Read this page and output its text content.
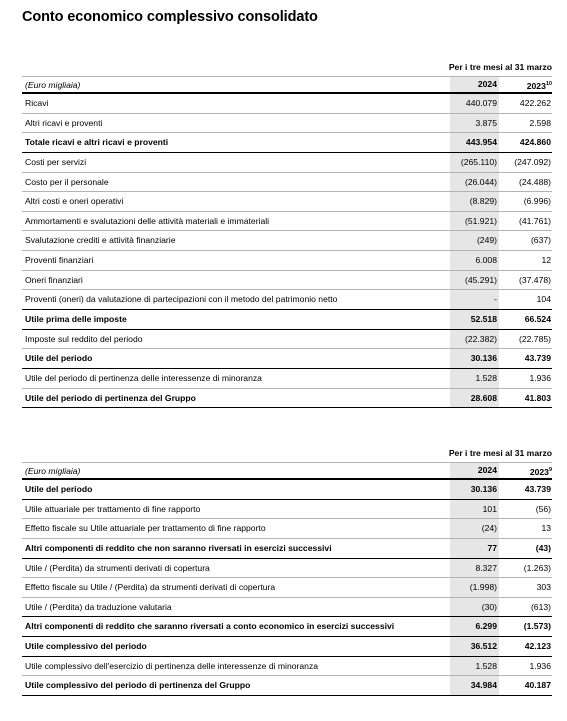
Conto economico complessivo consolidato
Per i tre mesi al 31 marzo
(Euro migliaia)	2024	2023$^{10}$
Ricavi	440.079	422.262
Altri ricavi e proventi	3.875	2.598
Totale ricavi e altri ricavi e proventi	443.954	424.860
Costi per servizi	(265.110)	(247.092)
Costo per il personale	(26.044)	(24.488)
Altri costi e oneri operativi	(8.829)	(6.996)
Ammortamenti e svalutazioni delle attività materiali e immateriali	(51.921)	(41.761)
Svalutazione crediti e attività finanziarie	(249)	(637)
Proventi finanziari	6.008	12
Oneri finanziari	(45.291)	(37.478)
Proventi (oneri) da valutazione di partecipazioni con il metodo del patrimonio netto	-	104
Utile prima delle imposte	52.518	66.524
Imposte sul reddito del periodo	(22.382)	(22.785)
Utile del periodo	30.136	43.739
Utile del periodo di pertinenza delle interessenze di minoranza	1.528	1.936
Utile del periodo di pertinenza del Gruppo	28.608	41.803
Per i tre mesi al 31 marzo
(Euro migliaia)	2024	2023$^9$
Utile del periodo	30.136	43.739
Utile attuariale per trattamento di fine rapporto	101	(56)
Effetto fiscale su Utile attuariale per trattamento di fine rapporto	(24)	13
Altri componenti di reddito che non saranno riversati in esercizi successivi	77	(43)
Utile / (Perdita) da strumenti derivati di copertura	8.327	(1.263)
Effetto fiscale su Utile / (Perdita) da strumenti derivati di copertura	(1.998)	303
Utile / (Perdita) da traduzione valutaria	(30)	(613)
Altri componenti di reddito che saranno riversati a conto economico in esercizi successivi	6.299	(1.573)
Utile complessivo del periodo	36.512	42.123
Utile complessivo dell'esercizio di pertinenza delle interessenze di minoranza	1.528	1.936
Utile complessivo del periodo di pertinenza del Gruppo	34.984	40.187
